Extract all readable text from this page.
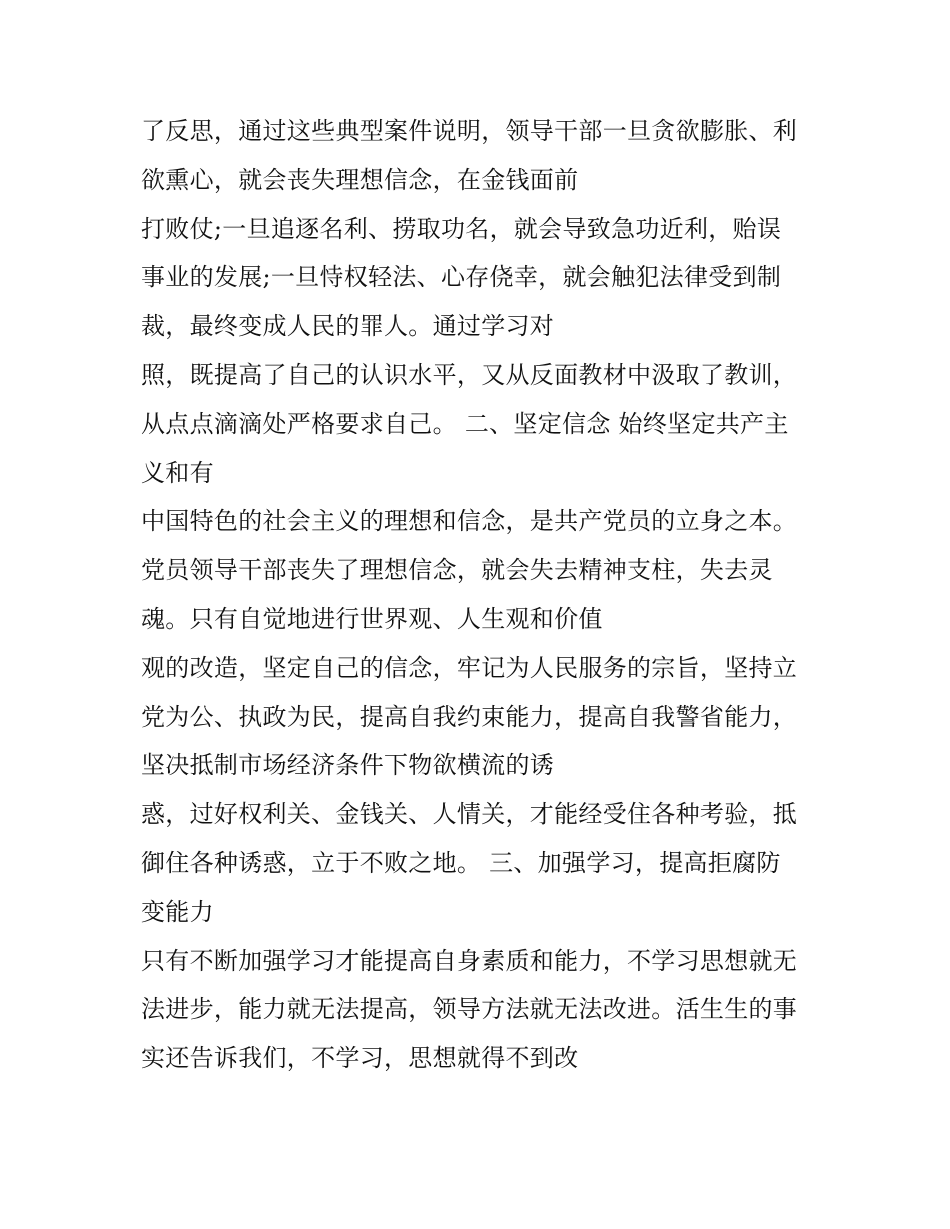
了反思，通过这些典型案件说明，领导干部一旦贪欲膨胀、利
欲熏心，就会丧失理想信念，在金钱面前
打败仗;一旦追逐名利、捞取功名，就会导致急功近利，贻误
事业的发展;一旦恃权轻法、心存侥幸，就会触犯法律受到制
裁，最终变成人民的罪人。通过学习对
照，既提高了自己的认识水平，又从反面教材中汲取了教训，
从点点滴滴处严格要求自己。 二、坚定信念 始终坚定共产主
义和有
中国特色的社会主义的理想和信念，是共产党员的立身之本。
党员领导干部丧失了理想信念，就会失去精神支柱，失去灵
魂。只有自觉地进行世界观、人生观和价值
观的改造，坚定自己的信念，牢记为人民服务的宗旨，坚持立
党为公、执政为民，提高自我约束能力，提高自我警省能力，
坚决抵制市场经济条件下物欲横流的诱
惑，过好权利关、金钱关、人情关，才能经受住各种考验，抵
御住各种诱惑，立于不败之地。 三、加强学习，提高拒腐防
变能力
只有不断加强学习才能提高自身素质和能力，不学习思想就无
法进步，能力就无法提高，领导方法就无法改进。活生生的事
实还告诉我们，不学习，思想就得不到改
